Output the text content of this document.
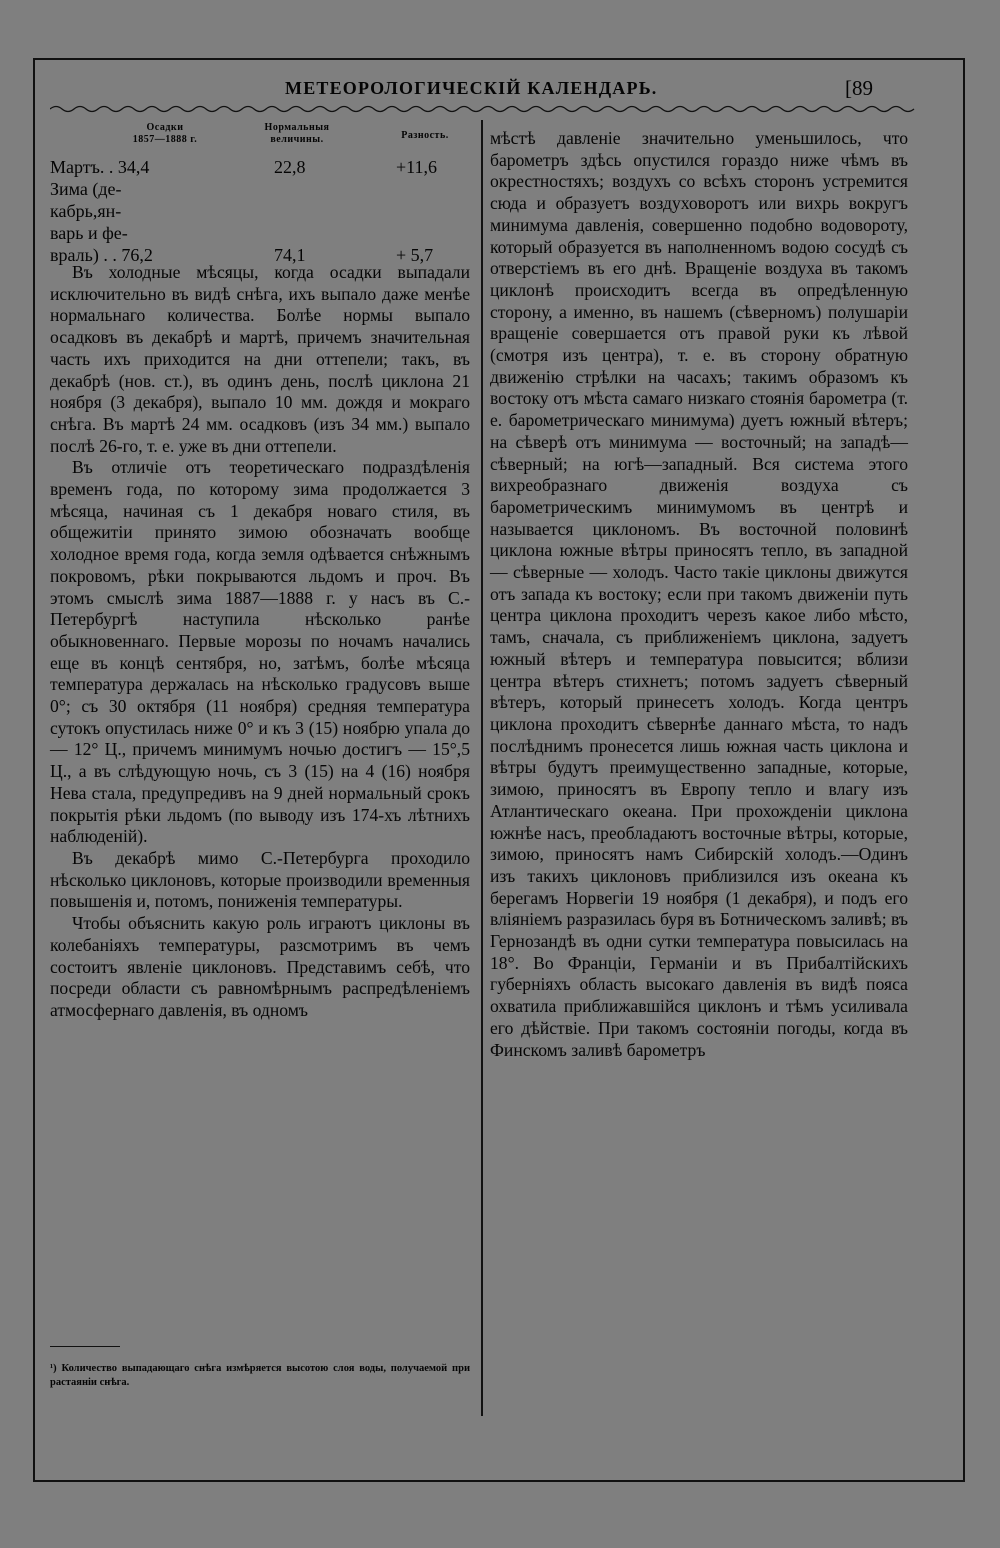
МЕТЕОРОЛОГИЧЕСКІЙ КАЛЕНДАРЬ.	[89
Осадки
1857—1888 г.
Нормальныя
величины.	Разность.
Мартъ. . 34,4	22,8	+11,6
Зима (де-
кабрь,ян-
варь и фе-
враль) . . 76,2	74,1	+ 5,7

Въ холодные мѣсяцы, когда осадки выпадали исключительно въ видѣ снѣга, ихъ выпало даже менѣе нормальнаго количества. Болѣе нормы выпало осадковъ въ декабрѣ и мартѣ, причемъ значительная часть ихъ приходится на дни оттепели; такъ, въ декабрѣ (нов. ст.), въ одинъ день, послѣ циклона 21 ноября (3 декабря), выпало 10 мм. дождя и мокраго снѣга. Въ мартѣ 24 мм. осадковъ (изъ 34 мм.) выпало послѣ 26-го, т. е. уже въ дни оттепели.

Въ отличіе отъ теоретическаго подраздѣленія временъ года, по которому зима продолжается 3 мѣсяца, начиная съ 1 декабря новаго стиля, въ общежитіи принято зимою обозначать вообще холодное время года, когда земля одѣвается снѣжнымъ покровомъ, рѣки покрываются льдомъ и проч. Въ этомъ смыслѣ зима 1887—1888 г. у насъ въ С.-Петербургѣ наступила нѣсколько ранѣе обыкновеннаго. Первые морозы по ночамъ начались еще въ концѣ сентября, но, затѣмъ, болѣе мѣсяца температура держалась на нѣсколько градусовъ выше 0°; съ 30 октября (11 ноября) средняя температура сутокъ опустилась ниже 0° и къ 3 (15) ноябрю упала до — 12° Ц., причемъ минимумъ ночью достигъ — 15°,5 Ц., а въ слѣдующую ночь, съ 3 (15) на 4 (16) ноября Нева стала, предупредивъ на 9 дней нормальный срокъ покрытія рѣки льдомъ (по выводу изъ 174-хъ лѣтнихъ наблюденій).

Въ декабрѣ мимо С.-Петербурга проходило нѣсколько циклоновъ, которые производили временныя повышенія и, потомъ, пониженія температуры.

Чтобы объяснить какую роль играютъ циклоны въ колебаніяхъ температуры, разсмотримъ въ чемъ состоитъ явленіе циклоновъ. Представимъ себѣ, что посреди области съ равномѣрнымъ распредѣленіемъ атмосфернаго давленія, въ одномъ

¹) Количество выпадающаго снѣга измѣряется высотою слоя воды, получаемой при растаяніи снѣга.

мѣстѣ давленіе значительно уменьшилось, что барометръ здѣсь опустился гораздо ниже чѣмъ въ окрестностяхъ; воздухъ со всѣхъ сторонъ устремится сюда и образуетъ воздуховоротъ или вихрь вокругъ минимума давленія, совершенно подобно водовороту, который образуется въ наполненномъ водою сосудѣ съ отверстіемъ въ его днѣ. Вращеніе воздуха въ такомъ циклонѣ происходитъ всегда въ опредѣленную сторону, а именно, въ нашемъ (сѣверномъ) полушаріи вращеніе совершается отъ правой руки къ лѣвой (смотря изъ центра), т. е. въ сторону обратную движенію стрѣлки на часахъ; такимъ образомъ къ востоку отъ мѣста самаго низкаго стоянія барометра (т. е. барометрическаго минимума) дуетъ южный вѣтеръ; на сѣверѣ отъ минимума — восточный; на западѣ—сѣверный; на югѣ—западный. Вся система этого вихреобразнаго движенія воздуха съ барометрическимъ минимумомъ въ центрѣ и называется циклономъ. Въ восточной половинѣ циклона южные вѣтры приносятъ тепло, въ западной — сѣверные — холодъ. Часто такіе циклоны движутся отъ запада къ востоку; если при такомъ движеніи путь центра циклона проходитъ черезъ какое либо мѣсто, тамъ, сначала, съ приближеніемъ циклона, задуетъ южный вѣтеръ и температура повысится; вблизи центра вѣтеръ стихнетъ; потомъ задуетъ сѣверный вѣтеръ, который принесетъ холодъ. Когда центръ циклона проходитъ сѣвернѣе даннаго мѣста, то надъ послѣднимъ пронесется лишь южная часть циклона и вѣтры будутъ преимущественно западные, которые, зимою, приносятъ въ Европу тепло и влагу изъ Атлантическаго океана. При прохожденіи циклона южнѣе насъ, преобладаютъ восточные вѣтры, которые, зимою, приносятъ намъ Сибирскій холодъ.—Одинъ изъ такихъ циклоновъ приблизился изъ океана къ берегамъ Норвегіи 19 ноября (1 декабря), и подъ его вліяніемъ разразилась буря въ Ботническомъ заливѣ; въ Гернозандѣ въ одни сутки температура повысилась на 18°. Во Франціи, Германіи и въ Прибалтійскихъ губерніяхъ область высокаго давленія въ видѣ пояса охватила приближавшійся циклонъ и тѣмъ усиливала его дѣйствіе. При такомъ состояніи погоды, когда въ Финскомъ заливѣ барометръ
